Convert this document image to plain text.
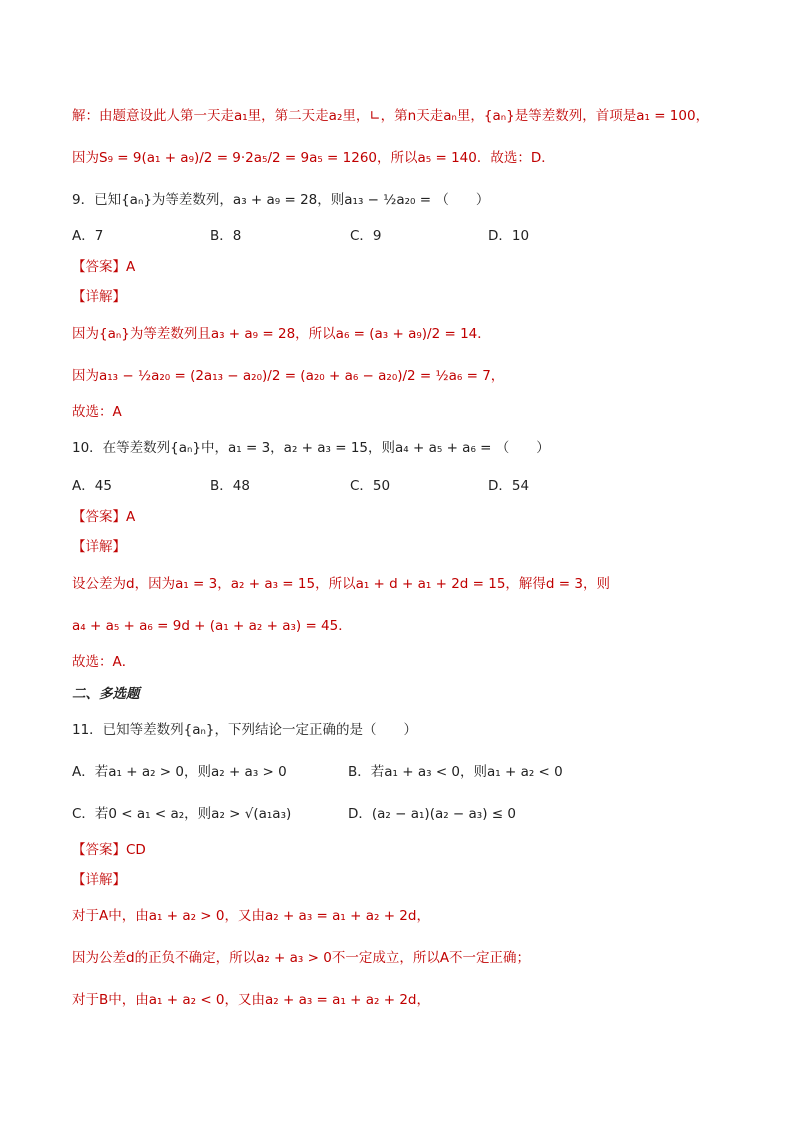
解：由题意设此人第一天走a₁里，第二天走a₂里，∟，第n天走aₙ里，{aₙ}是等差数列，首项是a₁ = 100，
因为S₉ = 9(a₁ + a₉)/2 = 9·2a₅/2 = 9a₅ = 1260，所以a₅ = 140．故选：D．
9．已知{aₙ}为等差数列，a₃ + a₉ = 28，则a₁₃ − ½a₂₀ = （　　）
A．7	B．8	C．9	D．10
【答案】A
【详解】
因为{aₙ}为等差数列且a₃ + a₉ = 28，所以a₆ = (a₃ + a₉)/2 = 14．
因为a₁₃ − ½a₂₀ = (2a₁₃ − a₂₀)/2 = (a₂₀ + a₆ − a₂₀)/2 = ½a₆ = 7，
故选：A
10．在等差数列{aₙ}中，a₁ = 3，a₂ + a₃ = 15，则a₄ + a₅ + a₆ = （　　）
A．45	B．48	C．50	D．54
【答案】A
【详解】
设公差为d，因为a₁ = 3，a₂ + a₃ = 15，所以a₁ + d + a₁ + 2d = 15，解得d = 3，则
a₄ + a₅ + a₆ = 9d + (a₁ + a₂ + a₃) = 45．
故选：A．
二、多选题
11．已知等差数列{aₙ}，下列结论一定正确的是（　　）
A．若a₁ + a₂ > 0，则a₂ + a₃ > 0	B．若a₁ + a₃ < 0，则a₁ + a₂ < 0
C．若0 < a₁ < a₂，则a₂ > √(a₁a₃)	D．(a₂ − a₁)(a₂ − a₃) ≤ 0
【答案】CD
【详解】
对于A中，由a₁ + a₂ > 0，又由a₂ + a₃ = a₁ + a₂ + 2d，
因为公差d的正负不确定，所以a₂ + a₃ > 0不一定成立，所以A不一定正确；
对于B中，由a₁ + a₂ < 0，又由a₂ + a₃ = a₁ + a₂ + 2d，
